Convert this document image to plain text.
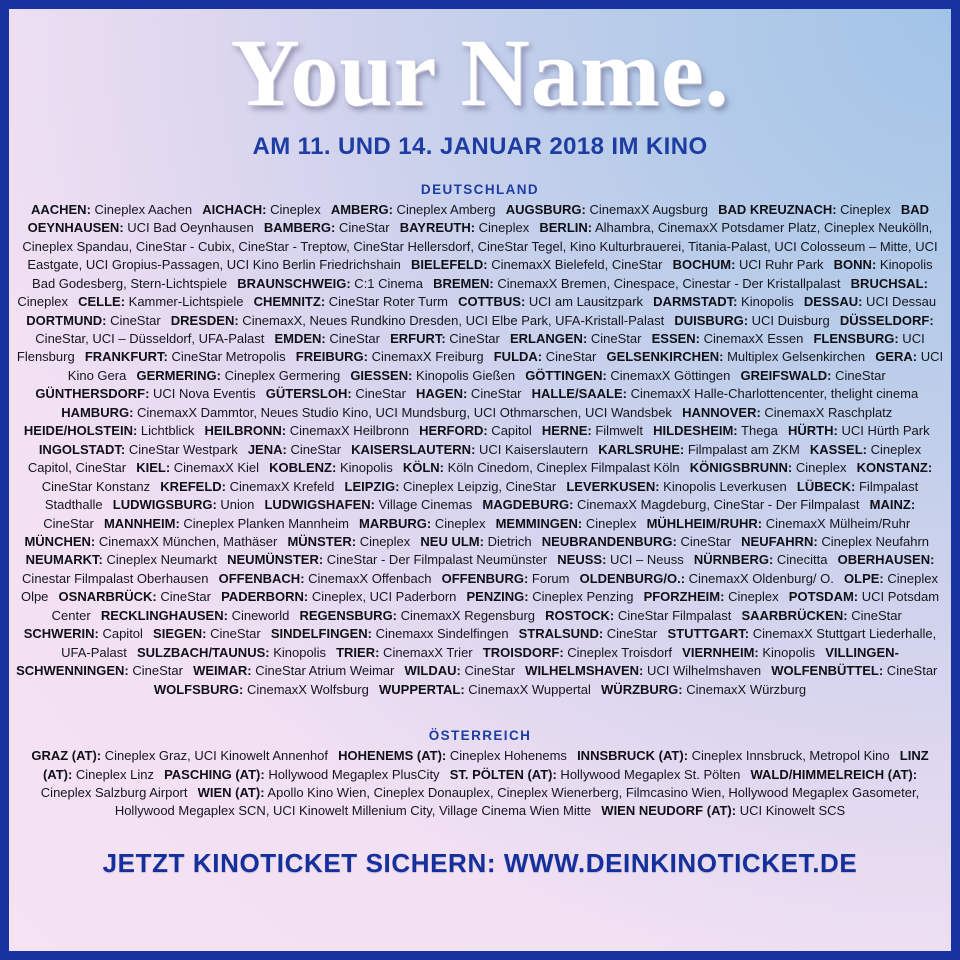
Your Name.
AM 11. UND 14. JANUAR 2018 IM KINO
DEUTSCHLAND
AACHEN: Cineplex Aachen  AICHACH: Cineplex  AMBERG: Cineplex Amberg  AUGSBURG: CinemaxX Augsburg  BAD KREUZNACH: Cineplex  BAD OEYNHAUSEN: UCI Bad Oeynhausen  BAMBERG: CineStar  BAYREUTH: Cineplex  BERLIN: Alhambra, CinemaxX Potsdamer Platz, Cineplex Neukölln, Cineplex Spandau, CineStar - Cubix, CineStar - Treptow, CineStar Hellersdorf, CineStar Tegel, Kino Kulturbrauerei, Titania-Palast, UCI Colosseum – Mitte, UCI Eastgate, UCI Gropius-Passagen, UCI Kino Berlin Friedrichshain  BIELEFELD: CinemaxX Bielefeld, CineStar  BOCHUM: UCI Ruhr Park  BONN: Kinopolis Bad Godesberg, Stern-Lichtspiele  BRAUNSCHWEIG: C:1 Cinema  BREMEN: CinemaxX Bremen, Cinespace, Cinestar - Der Kristallpalast  BRUCHSAL: Cineplex  CELLE: Kammer-Lichtspiele  CHEMNITZ: CineStar Roter Turm  COTTBUS: UCI am Lausitzpark  DARMSTADT: Kinopolis  DESSAU: UCI Dessau  DORTMUND: CineStar  DRESDEN: CinemaxX, Neues Rundkino Dresden, UCI Elbe Park, UFA-Kristall-Palast  DUISBURG: UCI Duisburg  DÜSSELDORF: CineStar, UCI – Düsseldorf, UFA-Palast  EMDEN: CineStar  ERFURT: CineStar  ERLANGEN: CineStar  ESSEN: CinemaxX Essen  FLENSBURG: UCI Flensburg  FRANKFURT: CineStar Metropolis  FREIBURG: CinemaxX Freiburg  FULDA: CineStar  GELSENKIRCHEN: Multiplex Gelsenkirchen  GERA: UCI Kino Gera  GERMERING: Cineplex Germering  GIESSEN: Kinopolis Gießen  GÖTTINGEN: CinemaxX Göttingen  GREIFSWALD: CineStar  GÜNTHERSDORF: UCI Nova Eventis  GÜTERSLOH: CineStar  HAGEN: CineStar  HALLE/SAALE: CinemaxX Halle-Charlottencenter, thelight cinema  HAMBURG: CinemaxX Dammtor, Neues Studio Kino, UCI Mundsburg, UCI Othmarschen, UCI Wandsbek  HANNOVER: CinemaxX Raschplatz  HEIDE/HOLSTEIN: Lichtblick  HEILBRONN: CinemaxX Heilbronn  HERFORD: Capitol  HERNE: Filmwelt  HILDESHEIM: Thega  HÜRTH: UCI Hürth Park  INGOLSTADT: CineStar Westpark  JENA: CineStar  KAISERSLAUTERN: UCI Kaiserslautern  KARLSRUHE: Filmpalast am ZKM  KASSEL: Cineplex Capitol, CineStar  KIEL: CinemaxX Kiel  KOBLENZ: Kinopolis  KÖLN: Köln Cinedom, Cineplex Filmpalast Köln  KÖNIGSBRUNN: Cineplex  KONSTANZ: CineStar Konstanz  KREFELD: CinemaxX Krefeld  LEIPZIG: Cineplex Leipzig, CineStar  LEVERKUSEN: Kinopolis Leverkusen  LÜBECK: Filmpalast Stadthalle  LUDWIGSBURG: Union  LUDWIGSHAFEN: Village Cinemas  MAGDEBURG: CinemaxX Magdeburg, CineStar - Der Filmpalast  MAINZ: CineStar  MANNHEIM: Cineplex Planken Mannheim  MARBURG: Cineplex  MEMMINGEN: Cineplex  MÜHLHEIM/RUHR: CinemaxX Mülheim/Ruhr  MÜNCHEN: CinemaxX München, Mathäser  MÜNSTER: Cineplex  NEU ULM: Dietrich  NEUBRANDENBURG: CineStar  NEUFAHRN: Cineplex Neufahrn  NEUMARKT: Cineplex Neumarkt  NEUMÜNSTER: CineStar - Der Filmpalast Neumünster  NEUSS: UCI – Neuss  NÜRNBERG: Cinecitta  OBERHAUSEN: Cinestar Filmpalast Oberhausen  OFFENBACH: CinemaxX Offenbach  OFFENBURG: Forum  OLDENBURG/O.: CinemaxX Oldenburg/ O.  OLPE: Cineplex Olpe  OSNARBRÜCK: CineStar  PADERBORN: Cineplex, UCI Paderborn  PENZING: Cineplex Penzing  PFORZHEIM: Cineplex  POTSDAM: UCI Potsdam Center  RECKLINGHAUSEN: Cineworld  REGENSBURG: CinemaxX Regensburg  ROSTOCK: CineStar Filmpalast  SAARBRÜCKEN: CineStar  SCHWERIN: Capitol  SIEGEN: CineStar  SINDELFINGEN: Cinemaxx Sindelfingen  STRALSUND: CineStar  STUTTGART: CinemaxX Stuttgart Liederhalle, UFA-Palast  SULZBACH/TAUNUS: Kinopolis  TRIER: CinemaxX Trier  TROISDORF: Cineplex Troisdorf  VIERNHEIM: Kinopolis  VILLINGEN-SCHWENNINGEN: CineStar  WEIMAR: CineStar Atrium Weimar  WILDAU: CineStar  WILHELMSHAVEN: UCI Wilhelmshaven  WOLFENBÜTTEL: CineStar  WOLFSBURG: CinemaxX Wolfsburg  WUPPERTAL: CinemaxX Wuppertal  WÜRZBURG: CinemaxX Würzburg
ÖSTERREICH
GRAZ (AT): Cineplex Graz, UCI Kinowelt Annenhof  HOHENEMS (AT): Cineplex Hohenems  INNSBRUCK (AT): Cineplex Innsbruck, Metropol Kino  LINZ (AT): Cineplex Linz  PASCHING (AT): Hollywood Megaplex PlusCity  ST. PÖLTEN (AT): Hollywood Megaplex St. Pölten  WALD/HIMMELREICH (AT): Cineplex Salzburg Airport  WIEN (AT): Apollo Kino Wien, Cineplex Donauplex, Cineplex Wienerberg, Filmcasino Wien, Hollywood Megaplex Gasometer, Hollywood Megaplex SCN, UCI Kinowelt Millenium City, Village Cinema Wien Mitte  WIEN NEUDORF (AT): UCI Kinowelt SCS
JETZT KINOTICKET SICHERN: WWW.DEINKINOTICKET.DE
